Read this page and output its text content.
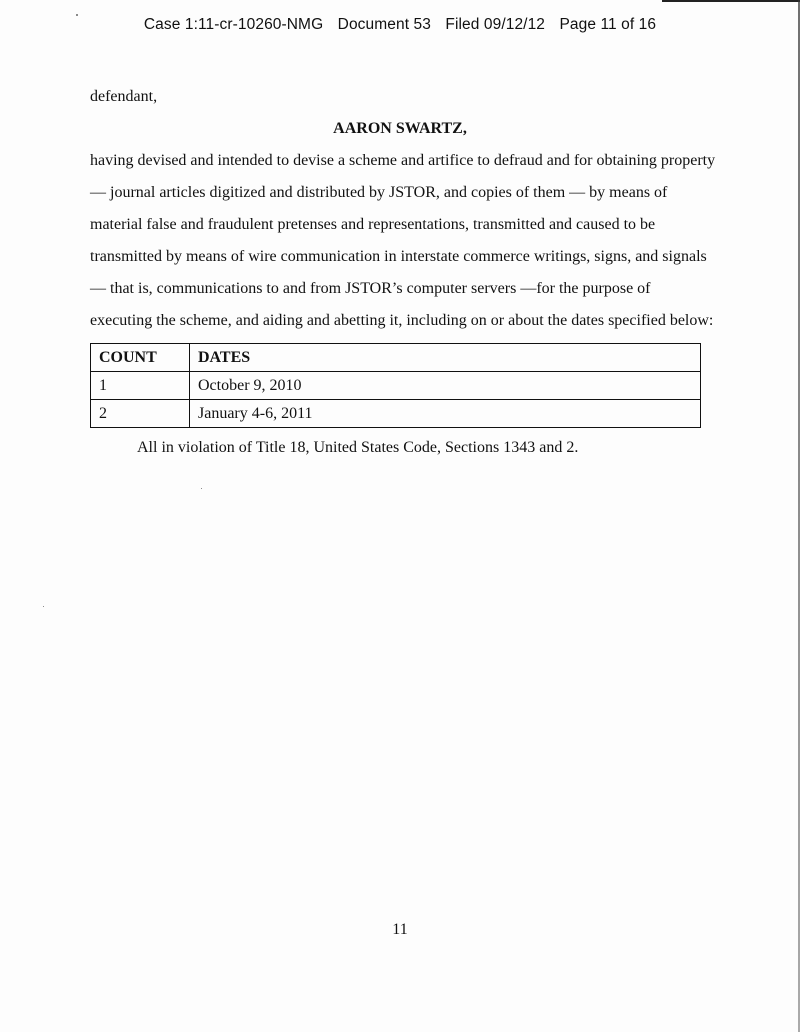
Case 1:11-cr-10260-NMG Document 53 Filed 09/12/12 Page 11 of 16
defendant,
AARON SWARTZ,
having devised and intended to devise a scheme and artifice to defraud and for obtaining property
— journal articles digitized and distributed by JSTOR, and copies of them — by means of
material false and fraudulent pretenses and representations, transmitted and caused to be
transmitted by means of wire communication in interstate commerce writings, signs, and signals
— that is, communications to and from JSTOR’s computer servers —for the purpose of
executing the scheme, and aiding and abetting it, including on or about the dates specified below:
COUNT	DATES
1	October 9, 2010
2	January 4-6, 2011
All in violation of Title 18, United States Code, Sections 1343 and 2.
11
